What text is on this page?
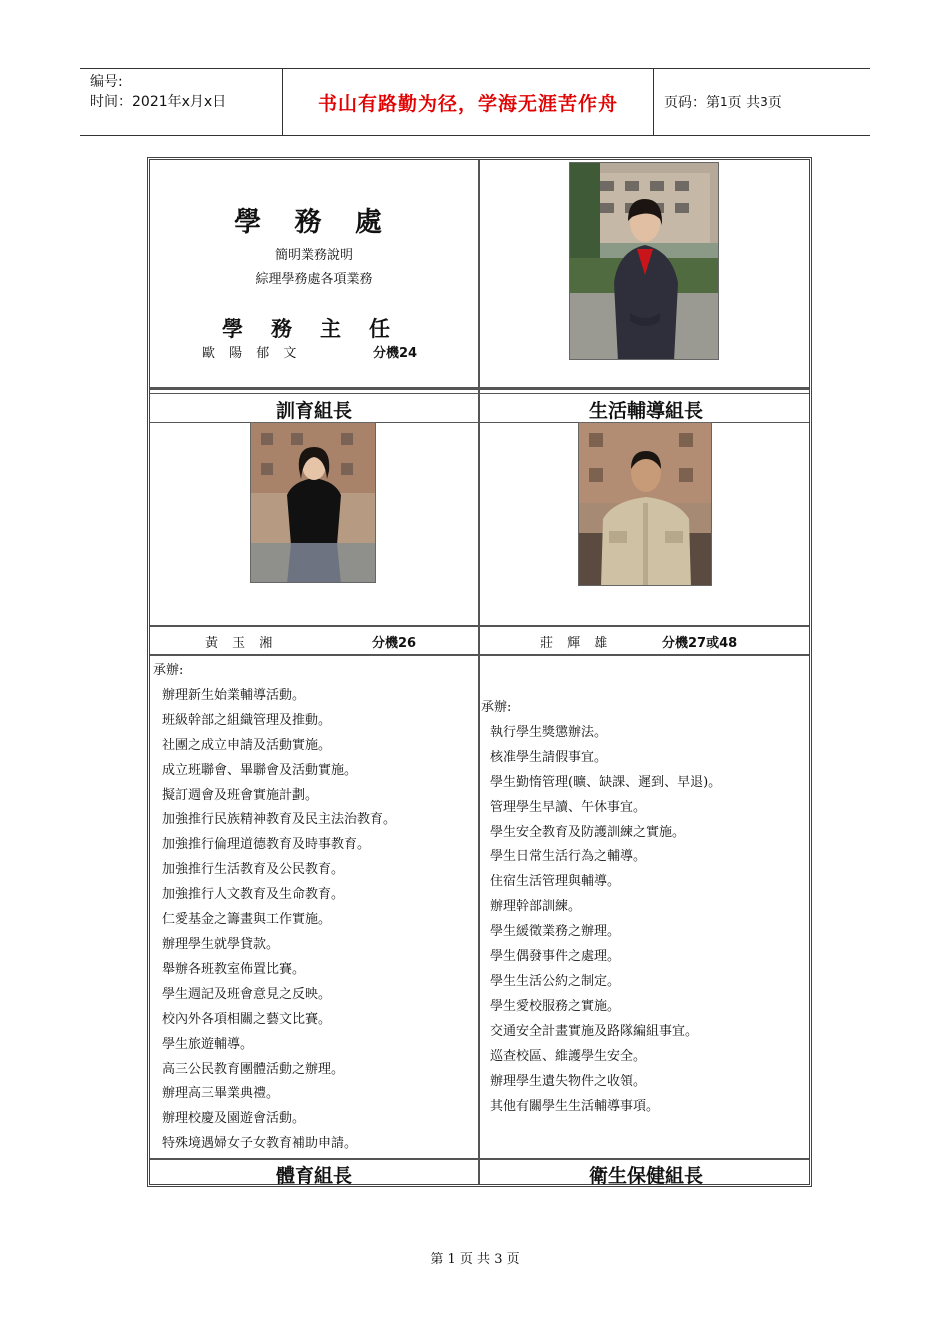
编号:
时间：2021年x月x日	书山有路勤为径，学海无涯苦作舟	页码：第 1 页 共 3 页
學 務 處
簡明業務說明
綜理學務處各項業務
學務主任
歐 陽 郁 文	分機24
訓育組長	生活輔導組長
黃 玉 湘	分機26	莊 輝 雄	分機27或48
承辦:
辦理新生始業輔導活動。
班級幹部之組織管理及推動。
社團之成立申請及活動實施。
成立班聯會、畢聯會及活動實施。
擬訂週會及班會實施計劃。
加強推行民族精神教育及民主法治教育。
加強推行倫理道德教育及時事教育。
加強推行生活教育及公民教育。
加強推行人文教育及生命教育。
仁愛基金之籌畫與工作實施。
辦理學生就學貸款。
舉辦各班教室佈置比賽。
學生週記及班會意見之反映。
校內外各項相關之藝文比賽。
學生旅遊輔導。
高三公民教育團體活動之辦理。
辦理高三畢業典禮。
辦理校慶及園遊會活動。
特殊境遇婦女子女教育補助申請。
承辦:
執行學生獎懲辦法。
核准學生請假事宜。
學生勤惰管理(曠、缺課、遲到、早退)。
管理學生早讀、午休事宜。
學生安全教育及防護訓練之實施。
學生日常生活行為之輔導。
住宿生活管理與輔導。
辦理幹部訓練。
學生緩徵業務之辦理。
學生偶發事件之處理。
學生生活公約之制定。
學生愛校服務之實施。
交通安全計畫實施及路隊編組事宜。
巡查校區、維護學生安全。
辦理學生遺失物件之收領。
其他有關學生生活輔導事項。
體育組長	衛生保健組長
第 1 页 共 3 页
